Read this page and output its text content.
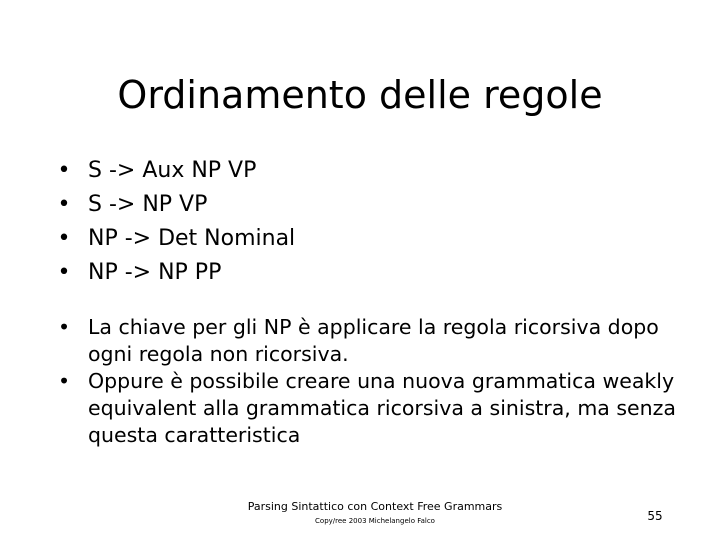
Ordinamento delle regole
• S -> Aux NP VP
• S -> NP VP
• NP -> Det Nominal
• NP -> NP PP
• La chiave per gli NP è applicare la regola ricorsiva dopo ogni regola non ricorsiva.
• Oppure è possibile creare una nuova grammatica weakly equivalent alla grammatica ricorsiva a sinistra, ma senza questa caratteristica
Parsing Sintattico con Context Free Grammars
Copy/ree 2003 Michelangelo Falco	55
